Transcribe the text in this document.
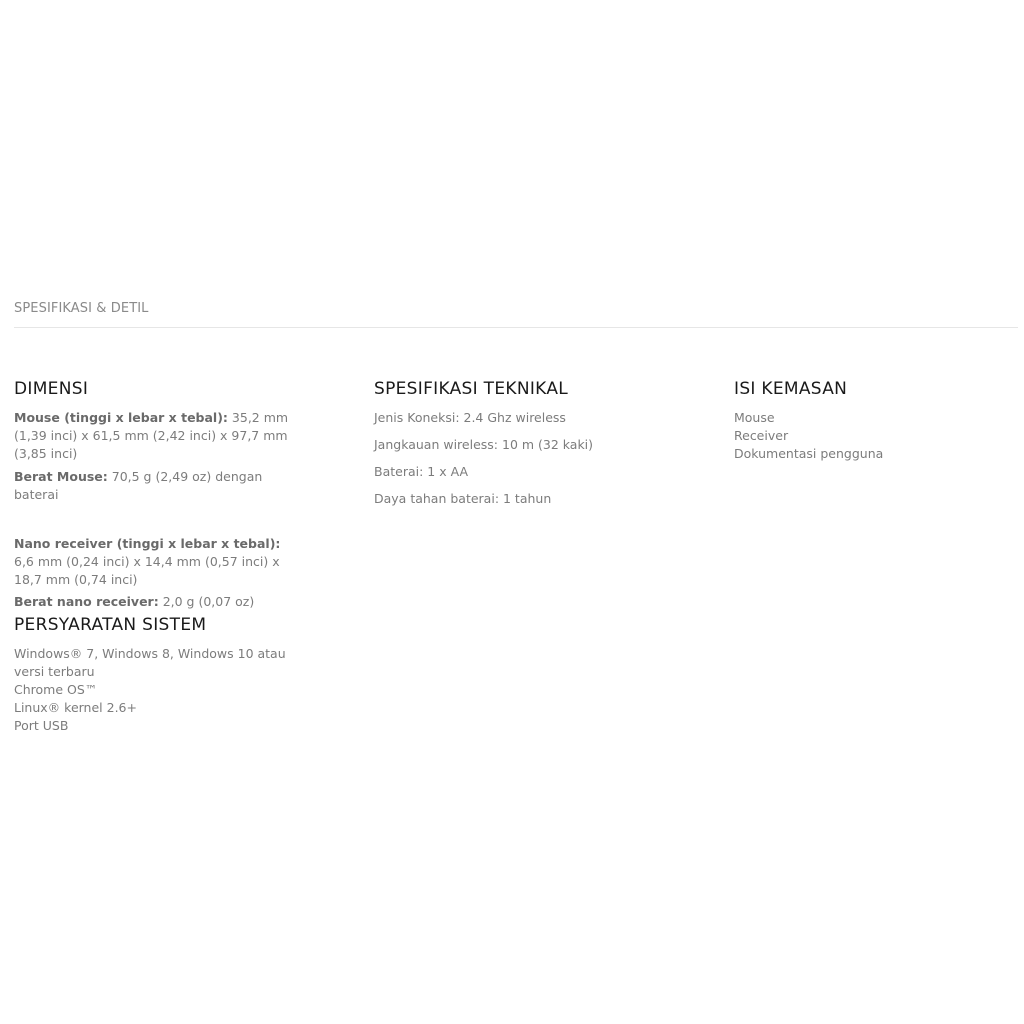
SPESIFIKASI & DETIL
DIMENSI

Mouse (tinggi x lebar x tebal): 35,2 mm (1,39 inci) x 61,5 mm (2,42 inci) x 97,7 mm (3,85 inci)

Berat Mouse: 70,5 g (2,49 oz) dengan baterai

Nano receiver (tinggi x lebar x tebal): 6,6 mm (0,24 inci) x 14,4 mm (0,57 inci) x 18,7 mm (0,74 inci)

Berat nano receiver: 2,0 g (0,07 oz)

PERSYARATAN SISTEM

Windows® 7, Windows 8, Windows 10 atau versi terbaru
Chrome OS™
Linux® kernel 2.6+
Port USB

SPESIFIKASI TEKNIKAL

Jenis Koneksi: 2.4 Ghz wireless

Jangkauan wireless: 10 m (32 kaki)

Baterai: 1 x AA

Daya tahan baterai: 1 tahun

ISI KEMASAN

Mouse
Receiver
Dokumentasi pengguna
